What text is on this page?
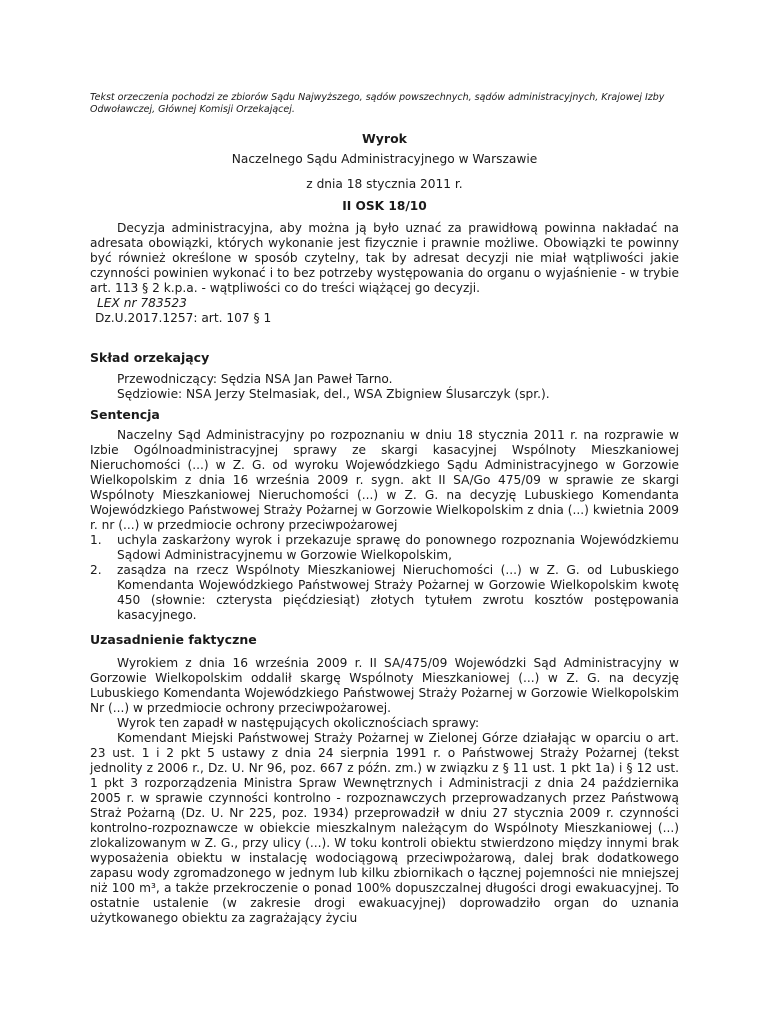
Tekst orzeczenia pochodzi ze zbiorów Sądu Najwyższego, sądów powszechnych, sądów administracyjnych, Krajowej Izby Odwoławczej, Głównej Komisji Orzekającej.

Wyrok

Naczelnego Sądu Administracyjnego w Warszawie

z dnia 18 stycznia 2011 r.

II OSK 18/10

Decyzja administracyjna, aby można ją było uznać za prawidłową powinna nakładać na adresata obowiązki, których wykonanie jest fizycznie i prawnie możliwe. Obowiązki te powinny być również określone w sposób czytelny, tak by adresat decyzji nie miał wątpliwości jakie czynności powinien wykonać i to bez potrzeby występowania do organu o wyjaśnienie - w trybie art. 113 § 2 k.p.a. - wątpliwości co do treści wiążącej go decyzji.

LEX nr 783523

Dz.U.2017.1257: art. 107 § 1

Skład orzekający

Przewodniczący: Sędzia NSA Jan Paweł Tarno.

Sędziowie: NSA Jerzy Stelmasiak, del., WSA Zbigniew Ślusarczyk (spr.).

Sentencja

Naczelny Sąd Administracyjny po rozpoznaniu w dniu 18 stycznia 2011 r. na rozprawie w Izbie Ogólnoadministracyjnej sprawy ze skargi kasacyjnej Wspólnoty Mieszkaniowej Nieruchomości (...) w Z. G. od wyroku Wojewódzkiego Sądu Administracyjnego w Gorzowie Wielkopolskim z dnia 16 września 2009 r. sygn. akt II SA/Go 475/09 w sprawie ze skargi Wspólnoty Mieszkaniowej Nieruchomości (...) w Z. G. na decyzję Lubuskiego Komendanta Wojewódzkiego Państwowej Straży Pożarnej w Gorzowie Wielkopolskim z dnia (...) kwietnia 2009 r. nr (...) w przedmiocie ochrony przeciwpożarowej

1.	uchyla zaskarżony wyrok i przekazuje sprawę do ponownego rozpoznania Wojewódzkiemu Sądowi Administracyjnemu w Gorzowie Wielkopolskim,
2.	zasądza na rzecz Wspólnoty Mieszkaniowej Nieruchomości (...) w Z. G. od Lubuskiego Komendanta Wojewódzkiego Państwowej Straży Pożarnej w Gorzowie Wielkopolskim kwotę 450 (słownie: czterysta pięćdziesiąt) złotych tytułem zwrotu kosztów postępowania kasacyjnego.
Uzasadnienie faktyczne

Wyrokiem z dnia 16 września 2009 r. II SA/475/09 Wojewódzki Sąd Administracyjny w Gorzowie Wielkopolskim oddalił skargę Wspólnoty Mieszkaniowej (...) w Z. G. na decyzję Lubuskiego Komendanta Wojewódzkiego Państwowej Straży Pożarnej w Gorzowie Wielkopolskim Nr (...) w przedmiocie ochrony przeciwpożarowej.

Wyrok ten zapadł w następujących okolicznościach sprawy:

Komendant Miejski Państwowej Straży Pożarnej w Zielonej Górze działając w oparciu o art. 23 ust. 1 i 2 pkt 5 ustawy z dnia 24 sierpnia 1991 r. o Państwowej Straży Pożarnej (tekst jednolity z 2006 r., Dz. U. Nr 96, poz. 667 z późn. zm.) w związku z § 11 ust. 1 pkt 1a) i § 12 ust. 1 pkt 3 rozporządzenia Ministra Spraw Wewnętrznych i Administracji z dnia 24 października 2005 r. w sprawie czynności kontrolno - rozpoznawczych przeprowadzanych przez Państwową Straż Pożarną (Dz. U. Nr 225, poz. 1934) przeprowadził w dniu 27 stycznia 2009 r. czynności kontrolno-rozpoznawcze w obiekcie mieszkalnym należącym do Wspólnoty Mieszkaniowej (...) zlokalizowanym w Z. G., przy ulicy (...). W toku kontroli obiektu stwierdzono między innymi brak wyposażenia obiektu w instalację wodociągową przeciwpożarową, dalej brak dodatkowego zapasu wody zgromadzonego w jednym lub kilku zbiornikach o łącznej pojemności nie mniejszej niż 100 m³, a także przekroczenie o ponad 100% dopuszczalnej długości drogi ewakuacyjnej. To ostatnie ustalenie (w zakresie drogi ewakuacyjnej) doprowadziło organ do uznania użytkowanego obiektu za zagrażający życiu
